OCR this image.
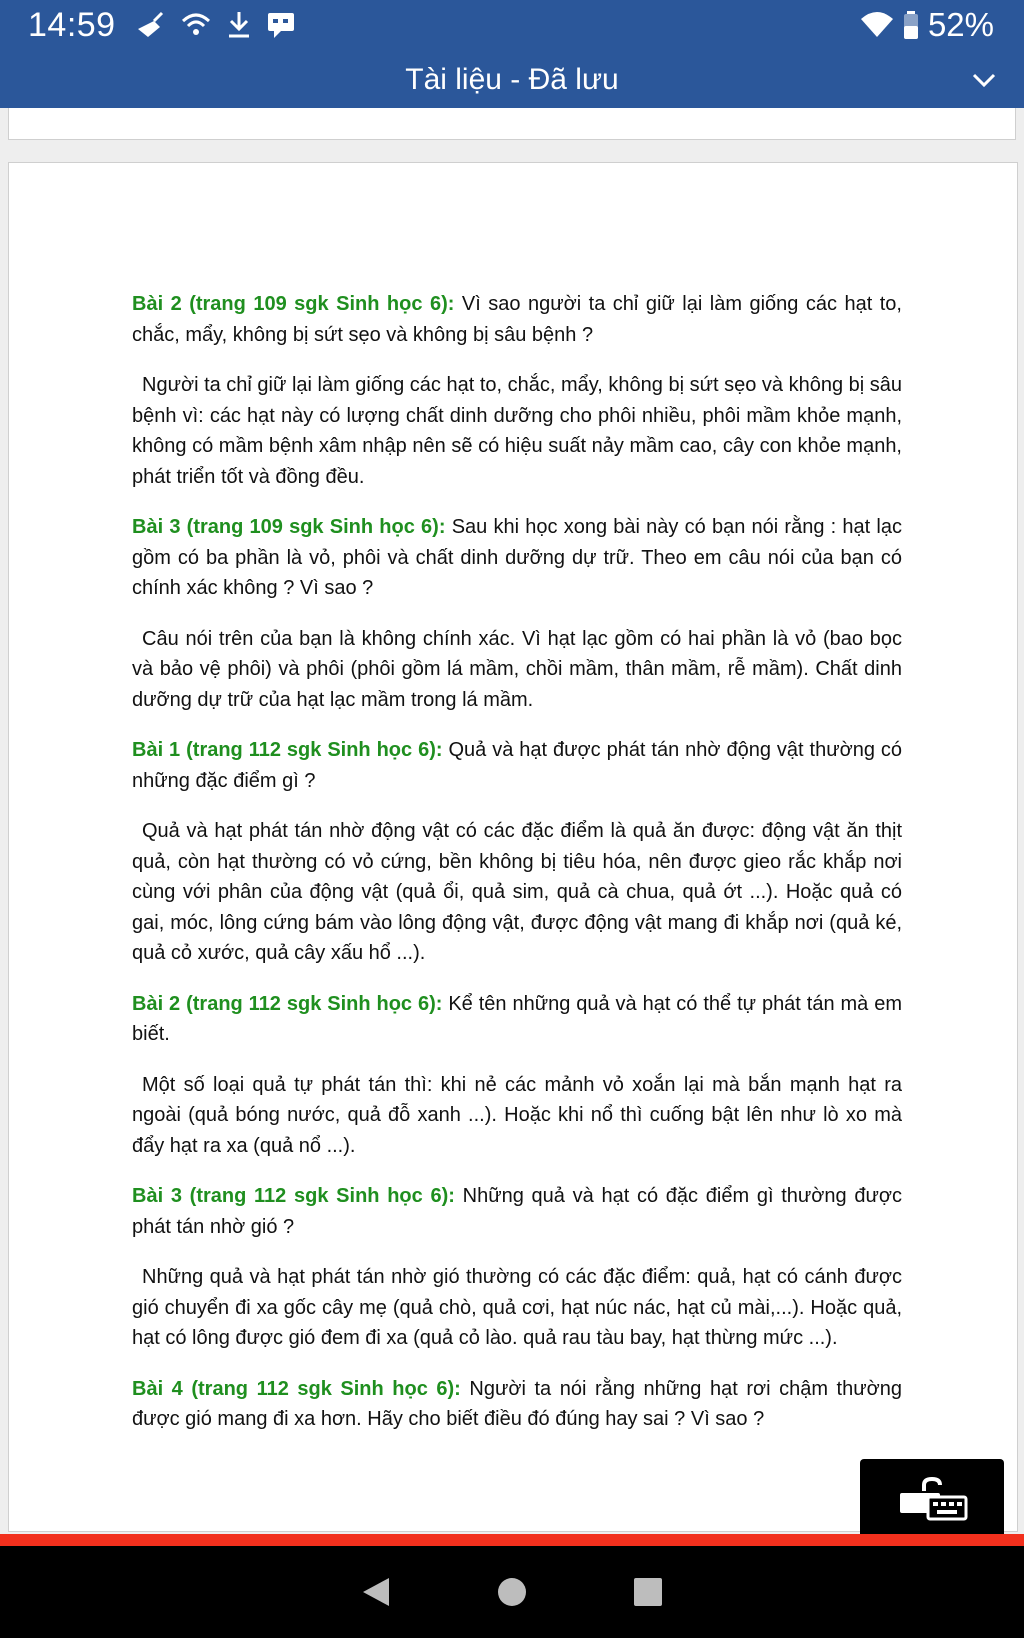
14:59	52%
Tài liệu - Đã lưu

Bài 2 (trang 109 sgk Sinh học 6): Vì sao người ta chỉ giữ lại làm giống các hạt to, chắc, mẩy, không bị sứt sẹo và không bị sâu bệnh ?

Người ta chỉ giữ lại làm giống các hạt to, chắc, mẩy, không bị sứt sẹo và không bị sâu bệnh vì: các hạt này có lượng chất dinh dưỡng cho phôi nhiều, phôi mầm khỏe mạnh, không có mầm bệnh xâm nhập nên sẽ có hiệu suất nảy mầm cao, cây con khỏe mạnh, phát triển tốt và đồng đều.

Bài 3 (trang 109 sgk Sinh học 6): Sau khi học xong bài này có bạn nói rằng : hạt lạc gồm có ba phần là vỏ, phôi và chất dinh dưỡng dự trữ. Theo em câu nói của bạn có chính xác không ? Vì sao ?

Câu nói trên của bạn là không chính xác. Vì hạt lạc gồm có hai phần là vỏ (bao bọc và bảo vệ phôi) và phôi (phôi gồm lá mầm, chồi mầm, thân mầm, rễ mầm). Chất dinh dưỡng dự trữ của hạt lạc mầm trong lá mầm.

Bài 1 (trang 112 sgk Sinh học 6): Quả và hạt được phát tán nhờ động vật thường có những đặc điểm gì ?

Quả và hạt phát tán nhờ động vật có các đặc điểm là quả ăn được: động vật ăn thịt quả, còn hạt thường có vỏ cứng, bền không bị tiêu hóa, nên được gieo rắc khắp nơi cùng với phân của động vật (quả ổi, quả sim, quả cà chua, quả ớt ...). Hoặc quả có gai, móc, lông cứng bám vào lông động vật, được động vật mang đi khắp nơi (quả ké, quả cỏ xước, quả cây xấu hổ ...).

Bài 2 (trang 112 sgk Sinh học 6): Kể tên những quả và hạt có thể tự phát tán mà em biết.

Một số loại quả tự phát tán thì: khi nẻ các mảnh vỏ xoắn lại mà bắn mạnh hạt ra ngoài (quả bóng nước, quả đỗ xanh ...). Hoặc khi nổ thì cuống bật lên như lò xo mà đẩy hạt ra xa (quả nổ ...).

Bài 3 (trang 112 sgk Sinh học 6): Những quả và hạt có đặc điểm gì thường được phát tán nhờ gió ?

Những quả và hạt phát tán nhờ gió thường có các đặc điểm: quả, hạt có cánh được gió chuyển đi xa gốc cây mẹ (quả chò, quả cơi, hạt núc nác, hạt củ mài,...). Hoặc quả, hạt có lông được gió đem đi xa (quả cỏ lào. quả rau tàu bay, hạt thừng mức ...).

Bài 4 (trang 112 sgk Sinh học 6): Người ta nói rằng những hạt rơi chậm thường được gió mang đi xa hơn. Hãy cho biết điều đó đúng hay sai ? Vì sao ?
